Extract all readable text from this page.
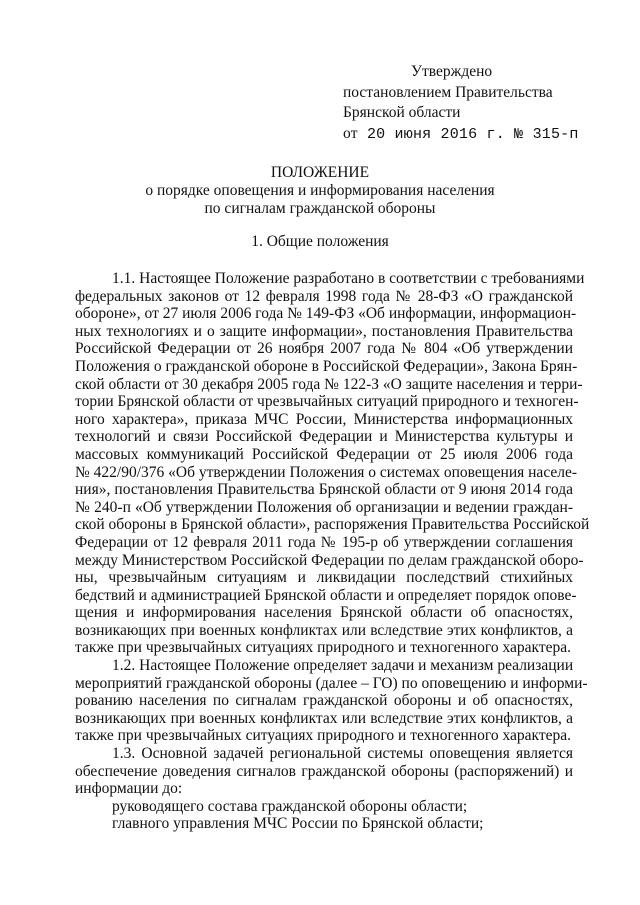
Утверждено
постановлением Правительства
Брянской области
от 20 июня 2016 г. № 315-п
ПОЛОЖЕНИЕ
о порядке оповещения и информирования населения
по сигналам гражданской обороны
1. Общие положения

1.1. Настоящее Положение разработано в соответствии с требованиями
федеральных законов от 12 февраля 1998 года № 28-ФЗ «О гражданской
обороне», от 27 июля 2006 года № 149-ФЗ «Об информации, информацион-
ных технологиях и о защите информации», постановления Правительства
Российской Федерации от 26 ноября 2007 года № 804 «Об утверждении
Положения о гражданской обороне в Российской Федерации», Закона Брян-
ской области от 30 декабря 2005 года № 122-З «О защите населения и терри-
тории Брянской области от чрезвычайных ситуаций природного и техноген-
ного характера», приказа МЧС России, Министерства информационных
технологий и связи Российской Федерации и Министерства культуры и
массовых коммуникаций Российской Федерации от 25 июля 2006 года
№ 422/90/376 «Об утверждении Положения о системах оповещения населе-
ния», постановления Правительства Брянской области от 9 июня 2014 года
№ 240-п «Об утверждении Положения об организации и ведении граждан-
ской обороны в Брянской области», распоряжения Правительства Российской
Федерации от 12 февраля 2011 года № 195-р об утверждении соглашения
между Министерством Российской Федерации по делам гражданской оборо-
ны, чрезвычайным ситуациям и ликвидации последствий стихийных
бедствий и администрацией Брянской области и определяет порядок опове-
щения и информирования населения Брянской области об опасностях,
возникающих при военных конфликтах или вследствие этих конфликтов, а
также при чрезвычайных ситуациях природного и техногенного характера.

1.2. Настоящее Положение определяет задачи и механизм реализации
мероприятий гражданской обороны (далее – ГО) по оповещению и информи-
рованию населения по сигналам гражданской обороны и об опасностях,
возникающих при военных конфликтах или вследствие этих конфликтов, а
также при чрезвычайных ситуациях природного и техногенного характера.

1.3. Основной задачей региональной системы оповещения является
обеспечение доведения сигналов гражданской обороны (распоряжений) и
информации до:

руководящего состава гражданской обороны области;

главного управления МЧС России по Брянской области;
